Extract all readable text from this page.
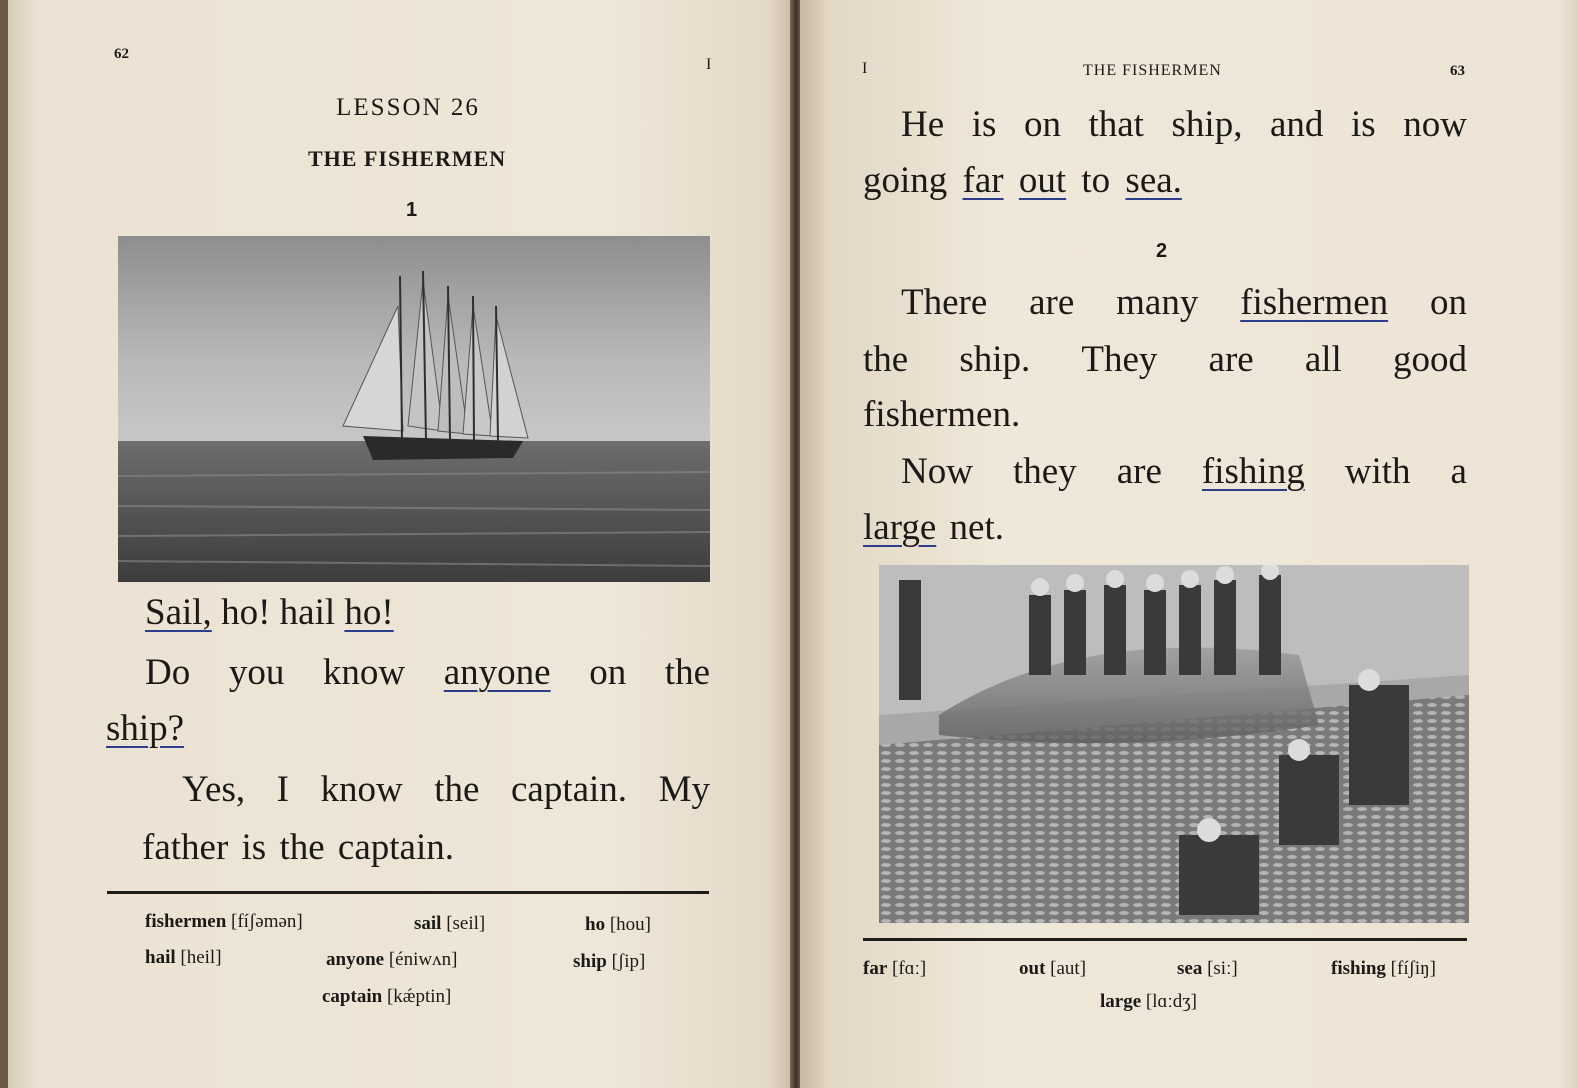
62
I
LESSON 26
THE FISHERMEN
1
Sail, ho! hail ho!
Do you know anyone on the
ship?
Yes, I know the captain. My
father is the captain.
fishermen [fíʃəmən]	sail [seil]	ho [hou]
hail [heil]	anyone [éniwʌn]	ship [ʃip]
captain [kǽptin]
I	THE FISHERMEN	63
He is on that ship, and is now
going far out to sea.
2
There are many fishermen on
the ship. They are all good
fishermen.
Now they are fishing with a
large net.
far [fɑː]	out [aut]	sea [siː]	fishing [fíʃiŋ]
large [lɑːdʒ]
